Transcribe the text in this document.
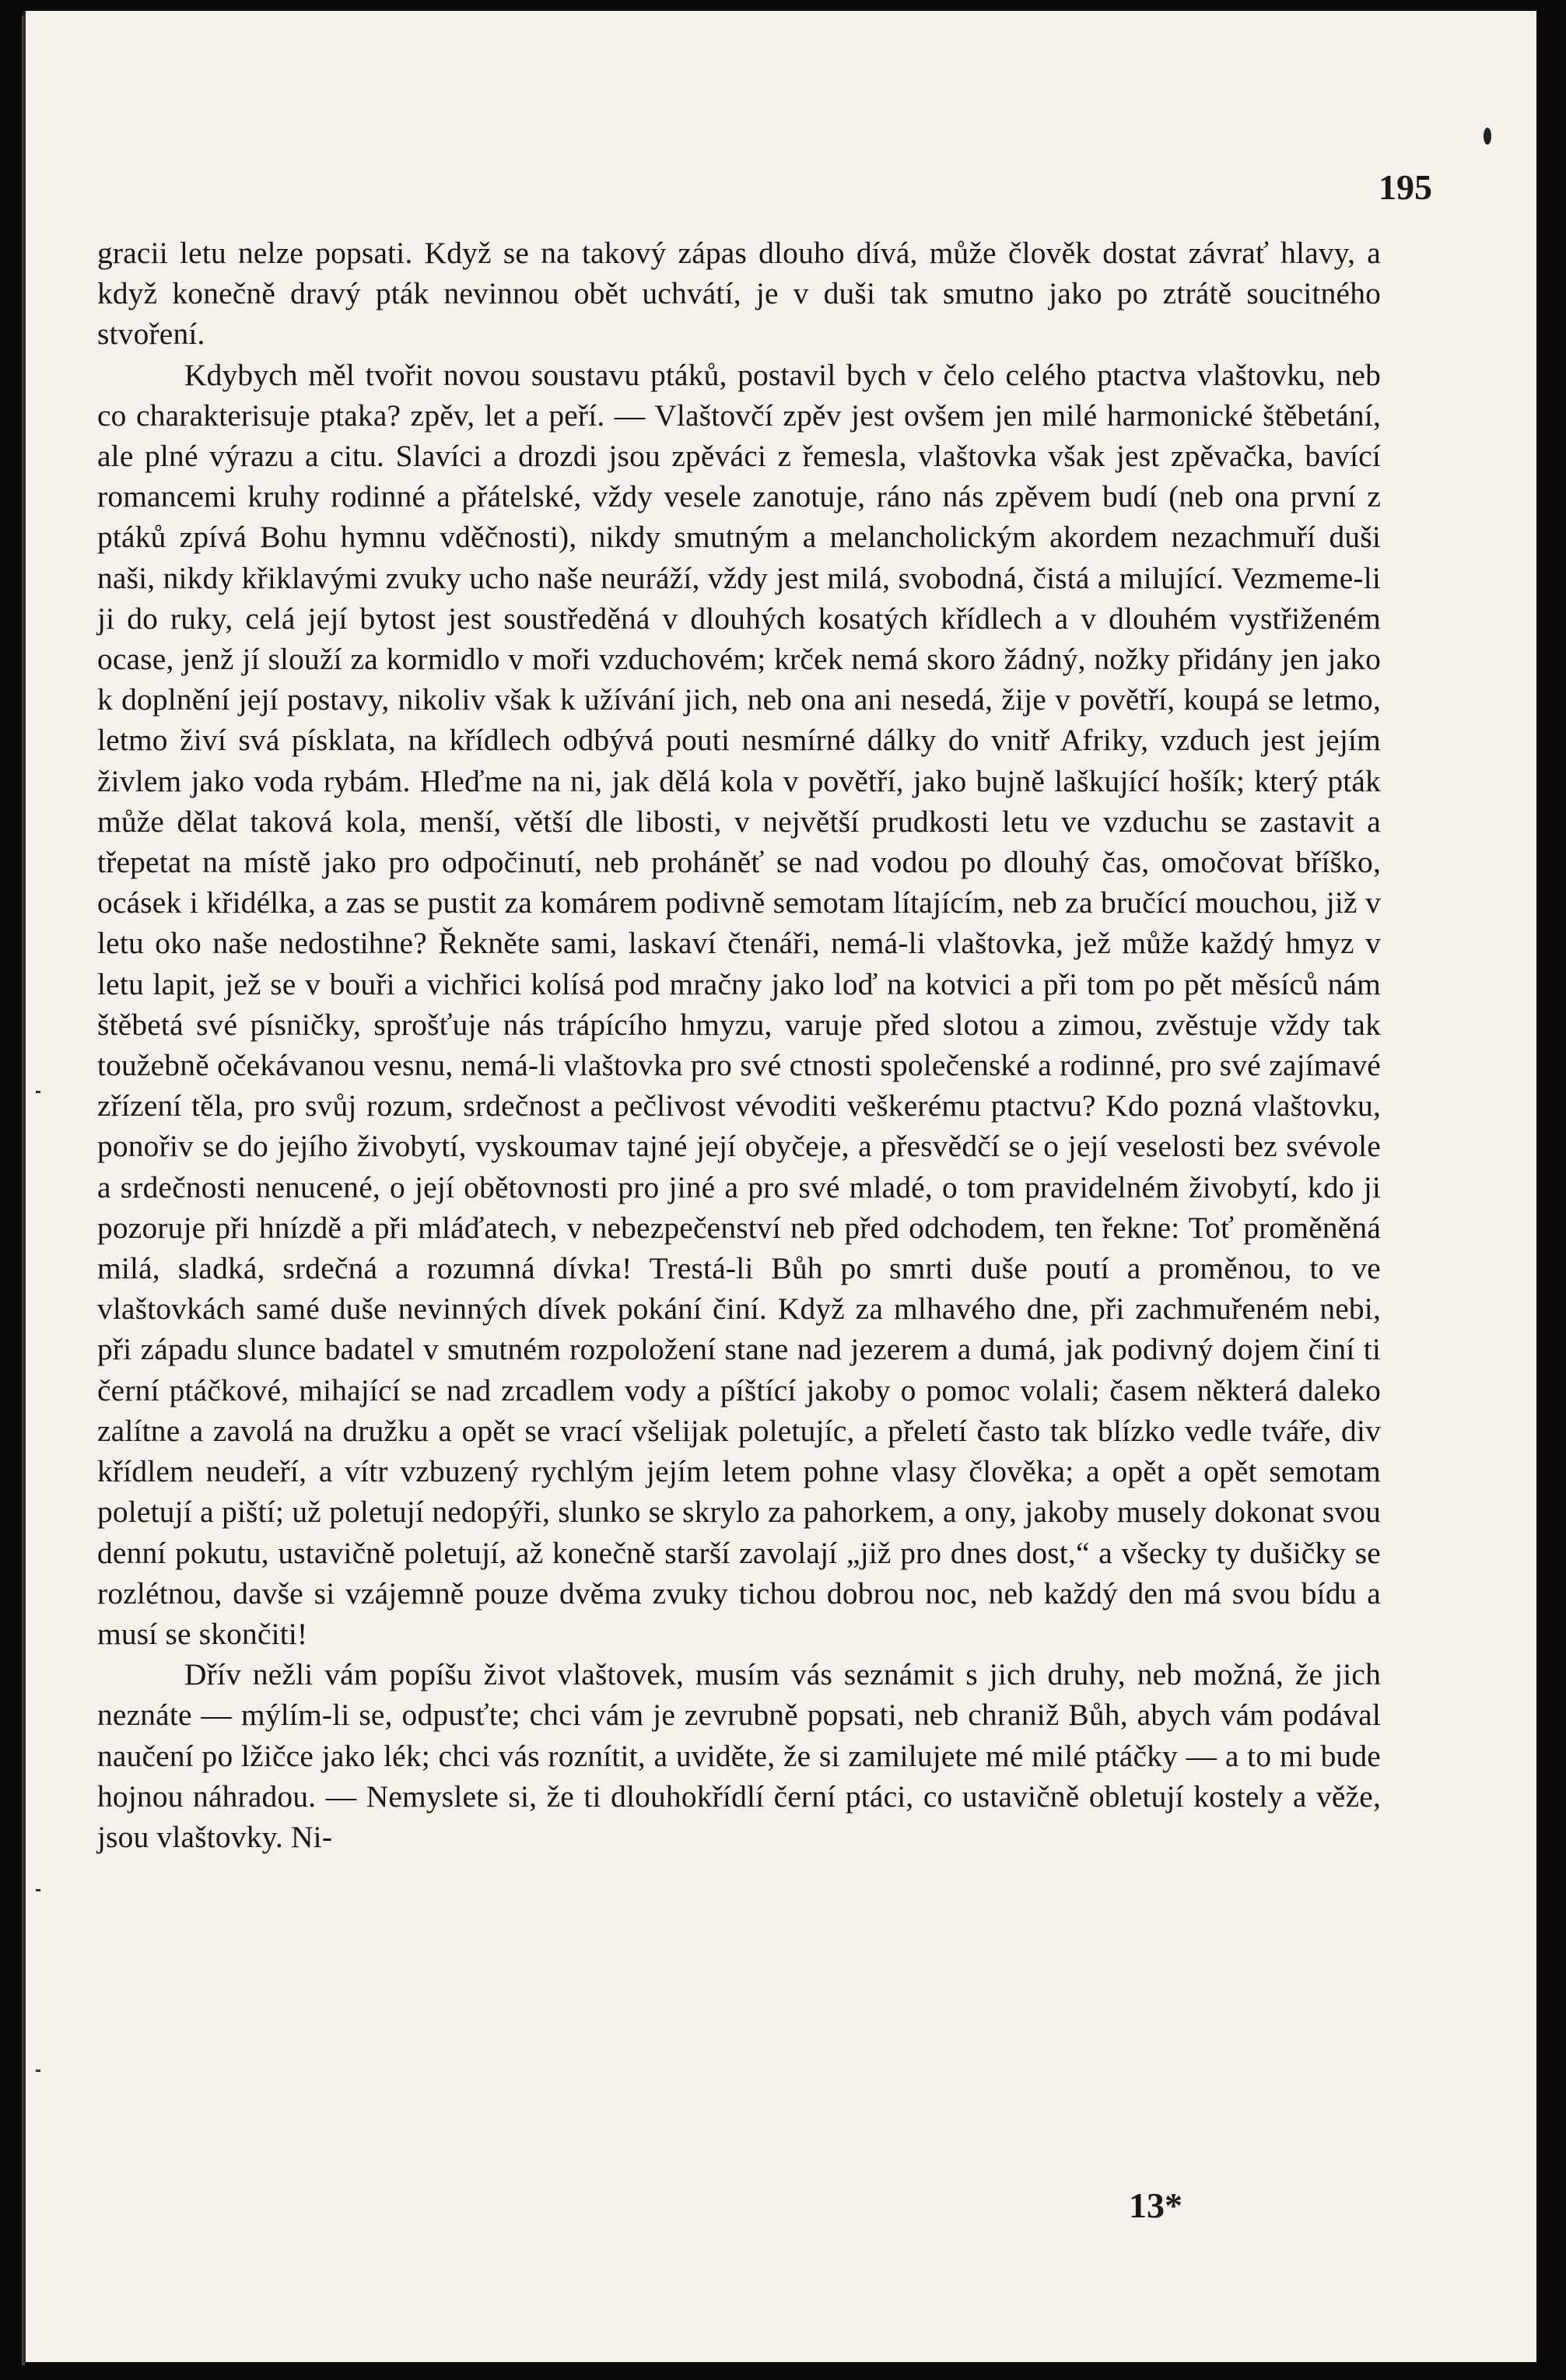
195

gracii letu nelze popsati. Když se na takový zápas dlouho dívá, může člověk dostat závrať hlavy, a když konečně dravý pták nevinnou obět uchvátí, je v duši tak smutno jako po ztrátě soucitného stvoření.

Kdybych měl tvořit novou soustavu ptáků, postavil bych v čelo celého ptactva vlaštovku, neb co charakterisuje ptaka? zpěv, let a peří. — Vlaštovčí zpěv jest ovšem jen milé harmonické štěbetání, ale plné výrazu a citu. Slavíci a drozdi jsou zpěváci z řemesla, vlaštovka však jest zpěvačka, bavící romancemi kruhy rodinné a přátelské, vždy vesele zanotuje, ráno nás zpěvem budí (neb ona první z ptáků zpívá Bohu hymnu vděčnosti), nikdy smutným a melancholickým akordem nezachmuří duši naši, nikdy křiklavými zvuky ucho naše neuráží, vždy jest milá, svobodná, čistá a milující. Vezmeme-li ji do ruky, celá její bytost jest soustředěná v dlouhých kosatých křídlech a v dlouhém vystřiženém ocase, jenž jí slouží za kormidlo v moři vzduchovém; krček nemá skoro žádný, nožky přidány jen jako k doplnění její postavy, nikoliv však k užívání jich, neb ona ani nesedá, žije v povětří, koupá se letmo, letmo živí svá písklata, na křídlech odbývá pouti nesmírné dálky do vnitř Afriky, vzduch jest jejím živlem jako voda rybám. Hleďme na ni, jak dělá kola v povětří, jako bujně laškující hošík; který pták může dělat taková kola, menší, větší dle libosti, v největší prudkosti letu ve vzduchu se zastavit a třepetat na místě jako pro odpočinutí, neb proháněť se nad vodou po dlouhý čas, omočovat bříško, ocásek i křidélka, a zas se pustit za komárem podivně semotam lítajícím, neb za bručící mouchou, již v letu oko naše nedostihne? Řekněte sami, laskaví čtenáři, nemá-li vlaštovka, jež může každý hmyz v letu lapit, jež se v bouři a vichřici kolísá pod mračny jako loď na kotvici a při tom po pět měsíců nám štěbetá své písničky, sprošťuje nás trápícího hmyzu, varuje před slotou a zimou, zvěstuje vždy tak toužebně očekávanou vesnu, nemá-li vlaštovka pro své ctnosti společenské a rodinné, pro své zajímavé zřízení těla, pro svůj rozum, srdečnost a pečlivost vévoditi veškerému ptactvu? Kdo pozná vlaštovku, ponořiv se do jejího živobytí, vyskoumav tajné její obyčeje, a přesvědčí se o její veselosti bez svévole a srdečnosti nenucené, o její obětovnosti pro jiné a pro své mladé, o tom pravidelném živobytí, kdo ji pozoruje při hnízdě a při mláďatech, v nebezpečenství neb před odchodem, ten řekne: Toť proměněná milá, sladká, srdečná a rozumná dívka! Trestá-li Bůh po smrti duše poutí a proměnou, to ve vlaštovkách samé duše nevinných dívek pokání činí. Když za mlhavého dne, při zachmuřeném nebi, při západu slunce badatel v smutném rozpoložení stane nad jezerem a dumá, jak podivný dojem činí ti černí ptáčkové, mihající se nad zrcadlem vody a píštící jakoby o pomoc volali; časem některá daleko zalítne a zavolá na družku a opět se vrací všelijak poletujíc, a přeletí často tak blízko vedle tváře, div křídlem neudeří, a vítr vzbuzený rychlým jejím letem pohne vlasy člověka; a opět a opět semotam poletují a piští; už poletují nedopýři, slunko se skrylo za pahorkem, a ony, jakoby musely dokonat svou denní pokutu, ustavičně poletují, až konečně starší zavolají „již pro dnes dost,“ a všecky ty dušičky se rozlétnou, davše si vzájemně pouze dvěma zvuky tichou dobrou noc, neb každý den má svou bídu a musí se skončiti!

Dřív nežli vám popíšu život vlaštovek, musím vás seznámit s jich druhy, neb možná, že jich neznáte — mýlím-li se, odpusťte; chci vám je zevrubně popsati, neb chraniž Bůh, abych vám podával naučení po lžičce jako lék; chci vás roznítit, a uviděte, že si zamilujete mé milé ptáčky — a to mi bude hojnou náhradou. — Nemyslete si, že ti dlouhokřídlí černí ptáci, co ustavičně obletují kostely a věže, jsou vlaštovky. Ni-

13*
